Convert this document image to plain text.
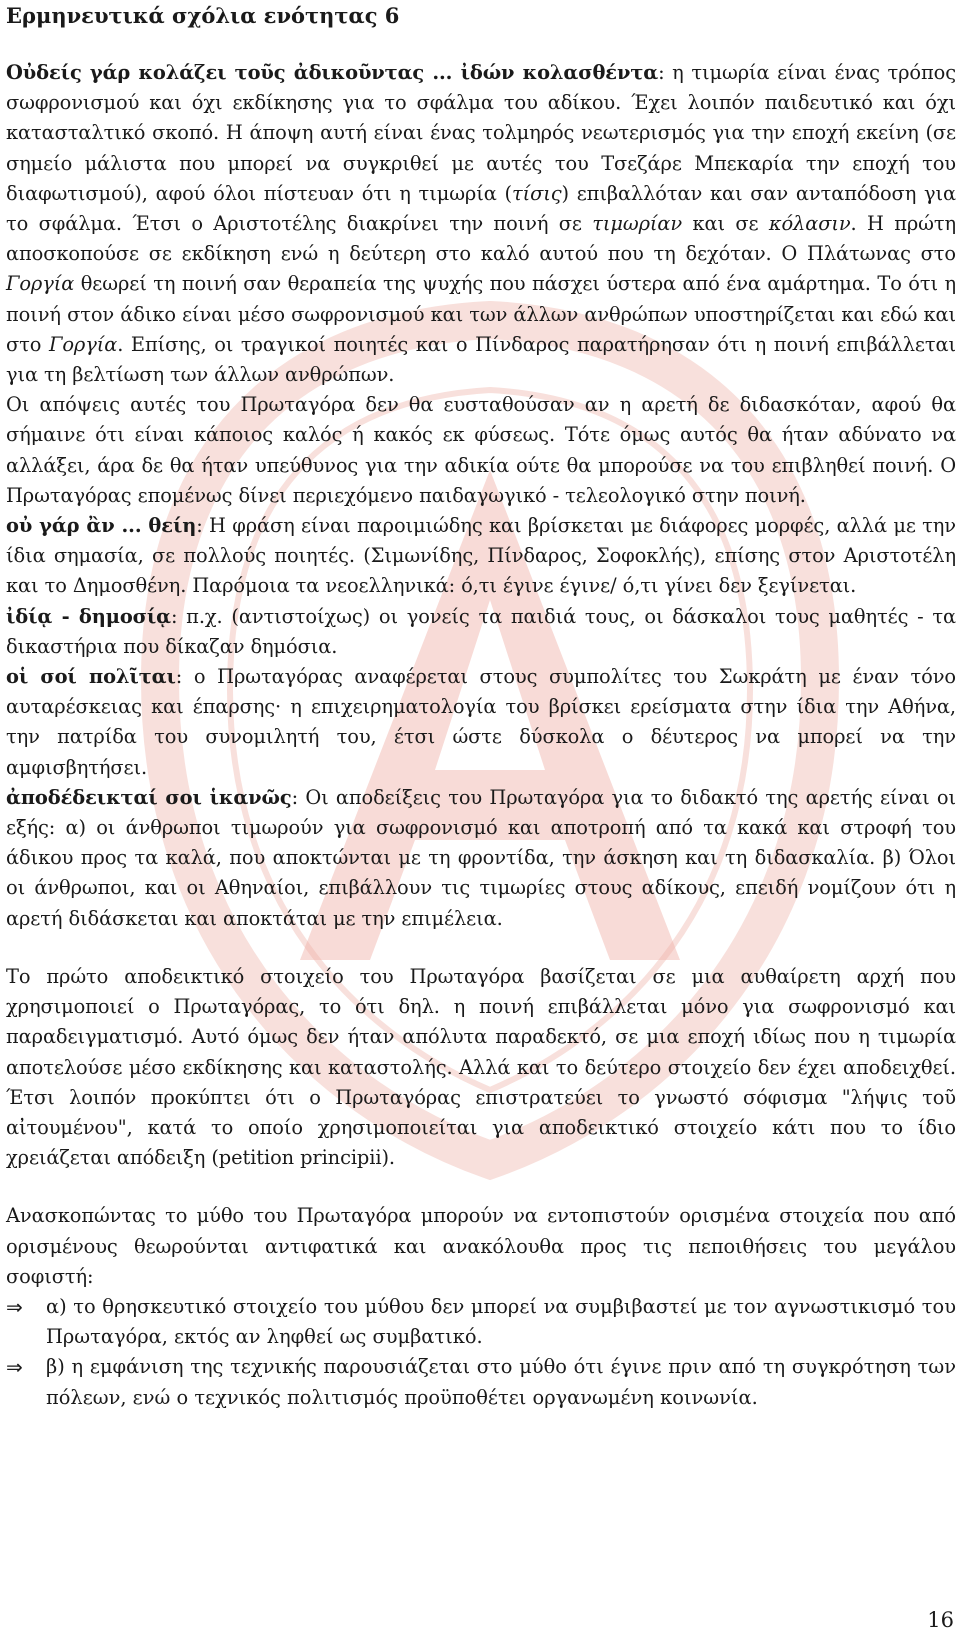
Ερμηνευτικά σχόλια ενότητας 6

Οὐδείς γάρ κολάζει τοῦς ἀδικοῦντας ... ἰδών κολασθέντα: η τιμωρία είναι ένας τρόπος σωφρονισμού και όχι εκδίκησης για το σφάλμα του αδίκου. Έχει λοιπόν παιδευτικό και όχι κατασταλτικό σκοπό. Η άποψη αυτή είναι ένας τολμηρός νεωτερισμός για την εποχή εκείνη (σε σημείο μάλιστα που μπορεί να συγκριθεί με αυτές του Τσεζάρε Μπεκαρία την εποχή του διαφωτισμού), αφού όλοι πίστευαν ότι η τιμωρία (τίσις) επιβαλλόταν και σαν ανταπόδοση για το σφάλμα. Έτσι ο Αριστοτέλης διακρίνει την ποινή σε τιμωρίαν και σε κόλασιν. Η πρώτη αποσκοπούσε σε εκδίκηση ενώ η δεύτερη στο καλό αυτού που τη δεχόταν. Ο Πλάτωνας στο Γοργία θεωρεί τη ποινή σαν θεραπεία της ψυχής που πάσχει ύστερα από ένα αμάρτημα. Το ότι η ποινή στον άδικο είναι μέσο σωφρονισμού και των άλλων ανθρώπων υποστηρίζεται και εδώ και στο Γοργία. Επίσης, οι τραγικοί ποιητές και ο Πίνδαρος παρατήρησαν ότι η ποινή επιβάλλεται για τη βελτίωση των άλλων ανθρώπων.

Οι απόψεις αυτές του Πρωταγόρα δεν θα ευσταθούσαν αν η αρετή δε διδασκόταν, αφού θα σήμαινε ότι είναι κάποιος καλός ή κακός εκ φύσεως. Τότε όμως αυτός θα ήταν αδύνατο να αλλάξει, άρα δε θα ήταν υπεύθυνος για την αδικία ούτε θα μπορούσε να του επιβληθεί ποινή. Ο Πρωταγόρας επομένως δίνει περιεχόμενο παιδαγωγικό - τελεολογικό στην ποινή.

οὐ γάρ ἂν ... θείη: Η φράση είναι παροιμιώδης και βρίσκεται με διάφορες μορφές, αλλά με την ίδια σημασία, σε πολλούς ποιητές. (Σιμωνίδης, Πίνδαρος, Σοφοκλής), επίσης στον Αριστοτέλη και το Δημοσθένη. Παρόμοια τα νεοελληνικά: ό,τι έγινε έγινε/ ό,τι γίνει δεν ξεγίνεται.

ἰδίᾳ - δημοσίᾳ: π.χ. (αντιστοίχως) οι γονείς τα παιδιά τους, οι δάσκαλοι τους μαθητές - τα δικαστήρια που δίκαζαν δημόσια.

οἱ σοί πολῖται: ο Πρωταγόρας αναφέρεται στους συμπολίτες του Σωκράτη με έναν τόνο αυταρέσκειας και έπαρσης· η επιχειρηματολογία του βρίσκει ερείσματα στην ίδια την Αθήνα, την πατρίδα του συνομιλητή του, έτσι ώστε δύσκολα ο δέυτερος να μπορεί να την αμφισβητήσει.

ἀποδέδεικταί σοι ἱκανῶς: Οι αποδείξεις του Πρωταγόρα για το διδακτό της αρετής είναι οι εξής: α) οι άνθρωποι τιμωρούν για σωφρονισμό και αποτροπή από τα κακά και στροφή του άδικου προς τα καλά, που αποκτώνται με τη φροντίδα, την άσκηση και τη διδασκαλία. β) Όλοι οι άνθρωποι, και οι Αθηναίοι, επιβάλλουν τις τιμωρίες στους αδίκους, επειδή νομίζουν ότι η αρετή διδάσκεται και αποκτάται με την επιμέλεια.

Το πρώτο αποδεικτικό στοιχείο του Πρωταγόρα βασίζεται σε μια αυθαίρετη αρχή που χρησιμοποιεί ο Πρωταγόρας, το ότι δηλ. η ποινή επιβάλλεται μόνο για σωφρονισμό και παραδειγματισμό. Αυτό όμως δεν ήταν απόλυτα παραδεκτό, σε μια εποχή ιδίως που η τιμωρία αποτελούσε μέσο εκδίκησης και καταστολής. Αλλά και το δεύτερο στοιχείο δεν έχει αποδειχθεί. Έτσι λοιπόν προκύπτει ότι ο Πρωταγόρας επιστρατεύει το γνωστό σόφισμα "λήψις τοῦ αἰτουμένου", κατά το οποίο χρησιμοποιείται για αποδεικτικό στοιχείο κάτι που το ίδιο χρειάζεται απόδειξη (petition principii).

Ανασκοπώντας το μύθο του Πρωταγόρα μπορούν να εντοπιστούν ορισμένα στοιχεία που από ορισμένους θεωρούνται αντιφατικά και ανακόλουθα προς τις πεποιθήσεις του μεγάλου σοφιστή:

⇒ α) το θρησκευτικό στοιχείο του μύθου δεν μπορεί να συμβιβαστεί με τον αγνωστικισμό του Πρωταγόρα, εκτός αν ληφθεί ως συμβατικό.
⇒ β) η εμφάνιση της τεχνικής παρουσιάζεται στο μύθο ότι έγινε πριν από τη συγκρότηση των πόλεων, ενώ ο τεχνικός πολιτισμός προϋποθέτει οργανωμένη κοινωνία.
16
